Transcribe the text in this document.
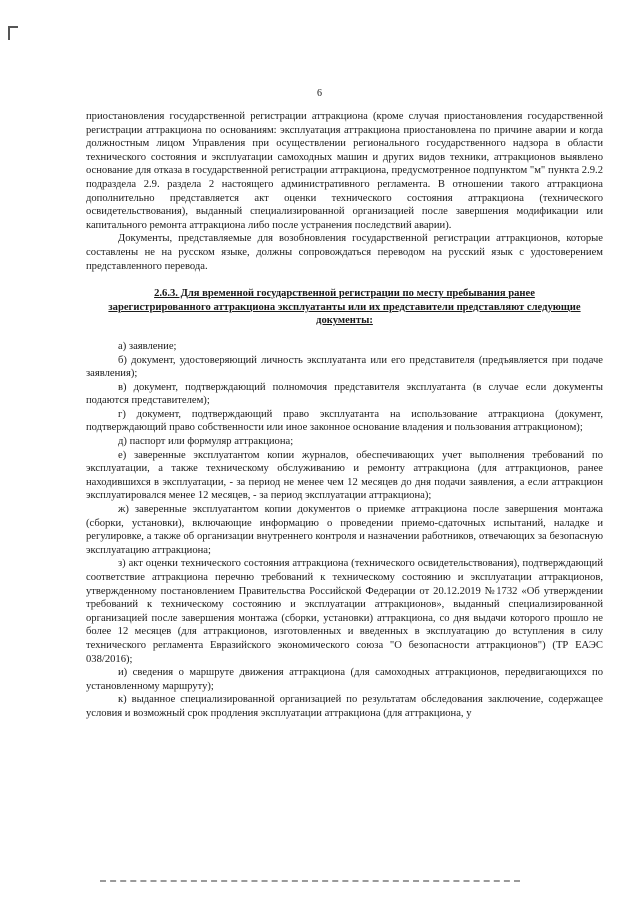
6

приостановления государственной регистрации аттракциона (кроме случая приостановления государственной регистрации аттракциона по основаниям: эксплуатация аттракциона приостановлена по причине аварии и когда должностным лицом Управления при осуществлении регионального государственного надзора в области технического состояния и эксплуатации самоходных машин и других видов техники, аттракционов выявлено основание для отказа в государственной регистрации аттракциона, предусмотренное подпунктом "м" пункта 2.9.2 подраздела 2.9. раздела 2 настоящего административного регламента. В отношении такого аттракциона дополнительно представляется акт оценки технического состояния аттракциона (технического освидетельствования), выданный специализированной организацией после завершения модификации или капитального ремонта аттракциона либо после устранения последствий аварии).

Документы, представляемые для возобновления государственной регистрации аттракционов, которые составлены не на русском языке, должны сопровождаться переводом на русский язык с удостоверением представленного перевода.

2.6.3. Для временной государственной регистрации по месту пребывания ранее зарегистрированного аттракциона эксплуатанты или их представители представляют следующие документы:

а) заявление;

б) документ, удостоверяющий личность эксплуатанта или его представителя (предъявляется при подаче заявления);

в) документ, подтверждающий полномочия представителя эксплуатанта (в случае если документы подаются представителем);

г) документ, подтверждающий право эксплуатанта на использование аттракциона (документ, подтверждающий право собственности или иное законное основание владения и пользования аттракционом);

д) паспорт или формуляр аттракциона;

е) заверенные эксплуатантом копии журналов, обеспечивающих учет выполнения требований по эксплуатации, а также техническому обслуживанию и ремонту аттракциона (для аттракционов, ранее находившихся в эксплуатации, - за период не менее чем 12 месяцев до дня подачи заявления, а если аттракцион эксплуатировался менее 12 месяцев, - за период эксплуатации аттракциона);

ж) заверенные эксплуатантом копии документов о приемке аттракциона после завершения монтажа (сборки, установки), включающие информацию о проведении приемо-сдаточных испытаний, наладке и регулировке, а также об организации внутреннего контроля и назначении работников, отвечающих за безопасную эксплуатацию аттракциона;

з) акт оценки технического состояния аттракциона (технического освидетельствования), подтверждающий соответствие аттракциона перечню требований к техническому состоянию и эксплуатации аттракционов, утвержденному постановлением Правительства Российской Федерации от 20.12.2019 №1732 «Об утверждении требований к техническому состоянию и эксплуатации аттракционов», выданный специализированной организацией после завершения монтажа (сборки, установки) аттракциона, со дня выдачи которого прошло не более 12 месяцев (для аттракционов, изготовленных и введенных в эксплуатацию до вступления в силу технического регламента Евразийского экономического союза "О безопасности аттракционов") (ТР ЕАЭС 038/2016);

и) сведения о маршруте движения аттракциона (для самоходных аттракционов, передвигающихся по установленному маршруту);

к) выданное специализированной организацией по результатам обследования заключение, содержащее условия и возможный срок продления эксплуатации аттракциона (для аттракциона, у
